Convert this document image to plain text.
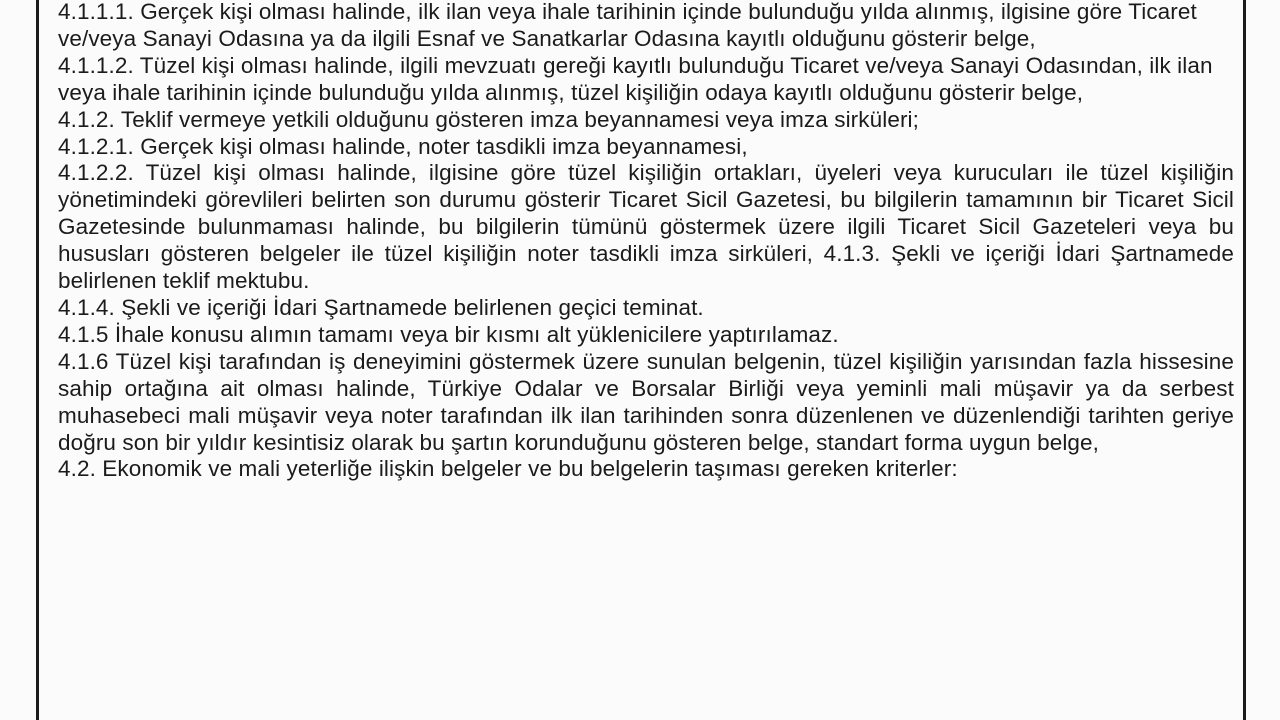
4.1.1.1. Gerçek kişi olması halinde, ilk ilan veya ihale tarihinin içinde bulunduğu yılda alınmış, ilgisine göre Ticaret ve/veya Sanayi Odasına ya da ilgili Esnaf ve Sanatkarlar Odasına kayıtlı olduğunu gösterir belge,

4.1.1.2. Tüzel kişi olması halinde, ilgili mevzuatı gereği kayıtlı bulunduğu Ticaret ve/veya Sanayi Odasından, ilk ilan veya ihale tarihinin içinde bulunduğu yılda alınmış, tüzel kişiliğin odaya kayıtlı olduğunu gösterir belge,

4.1.2. Teklif vermeye yetkili olduğunu gösteren imza beyannamesi veya imza sirküleri;

4.1.2.1. Gerçek kişi olması halinde, noter tasdikli imza beyannamesi,

4.1.2.2. Tüzel kişi olması halinde, ilgisine göre tüzel kişiliğin ortakları, üyeleri veya kurucuları ile tüzel kişiliğin yönetimindeki görevlileri belirten son durumu gösterir Ticaret Sicil Gazetesi, bu bilgilerin tamamının bir Ticaret Sicil Gazetesinde bulunmaması halinde, bu bilgilerin tümünü göstermek üzere ilgili Ticaret Sicil Gazeteleri veya bu hususları gösteren belgeler ile tüzel kişiliğin noter tasdikli imza sirküleri, 4.1.3. Şekli ve içeriği İdari Şartnamede belirlenen teklif mektubu.

4.1.4. Şekli ve içeriği İdari Şartnamede belirlenen geçici teminat.

4.1.5 İhale konusu alımın tamamı veya bir kısmı alt yüklenicilere yaptırılamaz.

4.1.6 Tüzel kişi tarafından iş deneyimini göstermek üzere sunulan belgenin, tüzel kişiliğin yarısından fazla hissesine sahip ortağına ait olması halinde, Türkiye Odalar ve Borsalar Birliği veya yeminli mali müşavir ya da serbest muhasebeci mali müşavir veya noter tarafından ilk ilan tarihinden sonra düzenlenen ve düzenlendiği tarihten geriye doğru son bir yıldır kesintisiz olarak bu şartın korunduğunu gösteren belge, standart forma uygun belge,

4.2. Ekonomik ve mali yeterliğe ilişkin belgeler ve bu belgelerin taşıması gereken kriterler:
